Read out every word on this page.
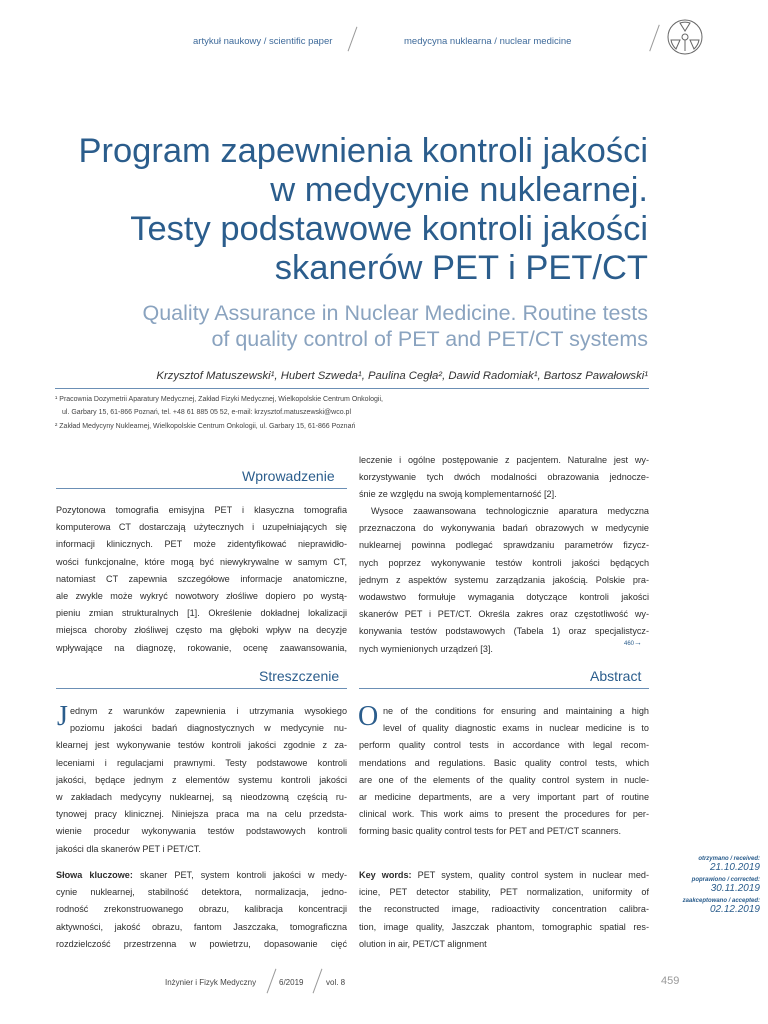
artykuł naukowy / scientific paper	medycyna nuklearna / nuclear medicine
Program zapewnienia kontroli jakości
w medycynie nuklearnej.
Testy podstawowe kontroli jakości
skanerów PET i PET/CT
Quality Assurance in Nuclear Medicine. Routine tests
of quality control of PET and PET/CT systems
Krzysztof Matuszewski¹, Hubert Szweda¹, Paulina Cegła², Dawid Radomiak¹, Bartosz Pawałowski¹
¹ Pracownia Dozymetrii Aparatury Medycznej, Zakład Fizyki Medycznej, Wielkopolskie Centrum Onkologii,
ul. Garbary 15, 61-866 Poznań, tel. +48 61 885 05 52, e-mail: krzysztof.matuszewski@wco.pl
² Zakład Medycyny Nuklearnej, Wielkopolskie Centrum Onkologii, ul. Garbary 15, 61-866 Poznań
Wprowadzenie
Pozytonowa tomografia emisyjna PET i klasyczna tomografia
komputerowa CT dostarczają użytecznych i uzupełniających się
informacji klinicznych. PET może zidentyfikować nieprawidło-
wości funkcjonalne, które mogą być niewykrywalne w samym CT,
natomiast CT zapewnia szczegółowe informacje anatomiczne,
ale zwykle może wykryć nowotwory złośliwe dopiero po wystą-
pieniu zmian strukturalnych [1]. Określenie dokładnej lokalizacji
miejsca choroby złośliwej często ma głęboki wpływ na decyzje
wpływające na diagnozę, rokowanie, ocenę zaawansowania,
leczenie i ogólne postępowanie z pacjentem. Naturalne jest wy-
korzystywanie tych dwóch modalności obrazowania jednocze-
śnie ze względu na swoją komplementarność [2].
Wysoce zaawansowana technologicznie aparatura medyczna
przeznaczona do wykonywania badań obrazowych w medycynie
nuklearnej powinna podlegać sprawdzaniu parametrów fizycz-
nych poprzez wykonywanie testów kontroli jakości będących
jednym z aspektów systemu zarządzania jakością. Polskie pra-
wodawstwo formułuje wymagania dotyczące kontroli jakości
skanerów PET i PET/CT. Określa zakres oraz częstotliwość wy-
konywania testów podstawowych (Tabela 1) oraz specjalistycz-
nych wymienionych urządzeń [3].	460→
Streszczenie
J ednym z warunków zapewnienia i utrzymania wysokiego
poziomu jakości badań diagnostycznych w medycynie nu-
klearnej jest wykonywanie testów kontroli jakości zgodnie z za-
leceniami i regulacjami prawnymi. Testy podstawowe kontroli
jakości, będące jednym z elementów systemu kontroli jakości
w zakładach medycyny nuklearnej, są nieodzowną częścią ru-
tynowej pracy klinicznej. Niniejsza praca ma na celu przedsta-
wienie procedur wykonywania testów podstawowych kontroli
jakości dla skanerów PET i PET/CT.
Abstract
O ne of the conditions for ensuring and maintaining a high
level of quality diagnostic exams in nuclear medicine is to
perform quality control tests in accordance with legal recom-
mendations and regulations. Basic quality control tests, which
are one of the elements of the quality control system in nucle-
ar medicine departments, are a very important part of routine
clinical work. This work aims to present the procedures for per-
forming basic quality control tests for PET and PET/CT scanners.
Słowa kluczowe: skaner PET, system kontroli jakości w medy-
cynie nuklearnej, stabilność detektora, normalizacja, jedno-
rodność zrekonstruowanego obrazu, kalibracja koncentracji
aktywności, jakość obrazu, fantom Jaszczaka, tomograficzna
rozdzielczość przestrzenna w powietrzu, dopasowanie cięć
Key words: PET system, quality control system in nuclear med-
icine, PET detector stability, PET normalization, uniformity of
the reconstructed image, radioactivity concentration calibra-
tion, image quality, Jaszczak phantom, tomographic spatial res-
olution in air, PET/CT alignment
otrzymano / received:
21.10.2019
poprawiono / corrected:
30.11.2019
zaakceptowano / accepted:
02.12.2019
Inżynier i Fizyk Medyczny	6/2019	vol. 8	459
